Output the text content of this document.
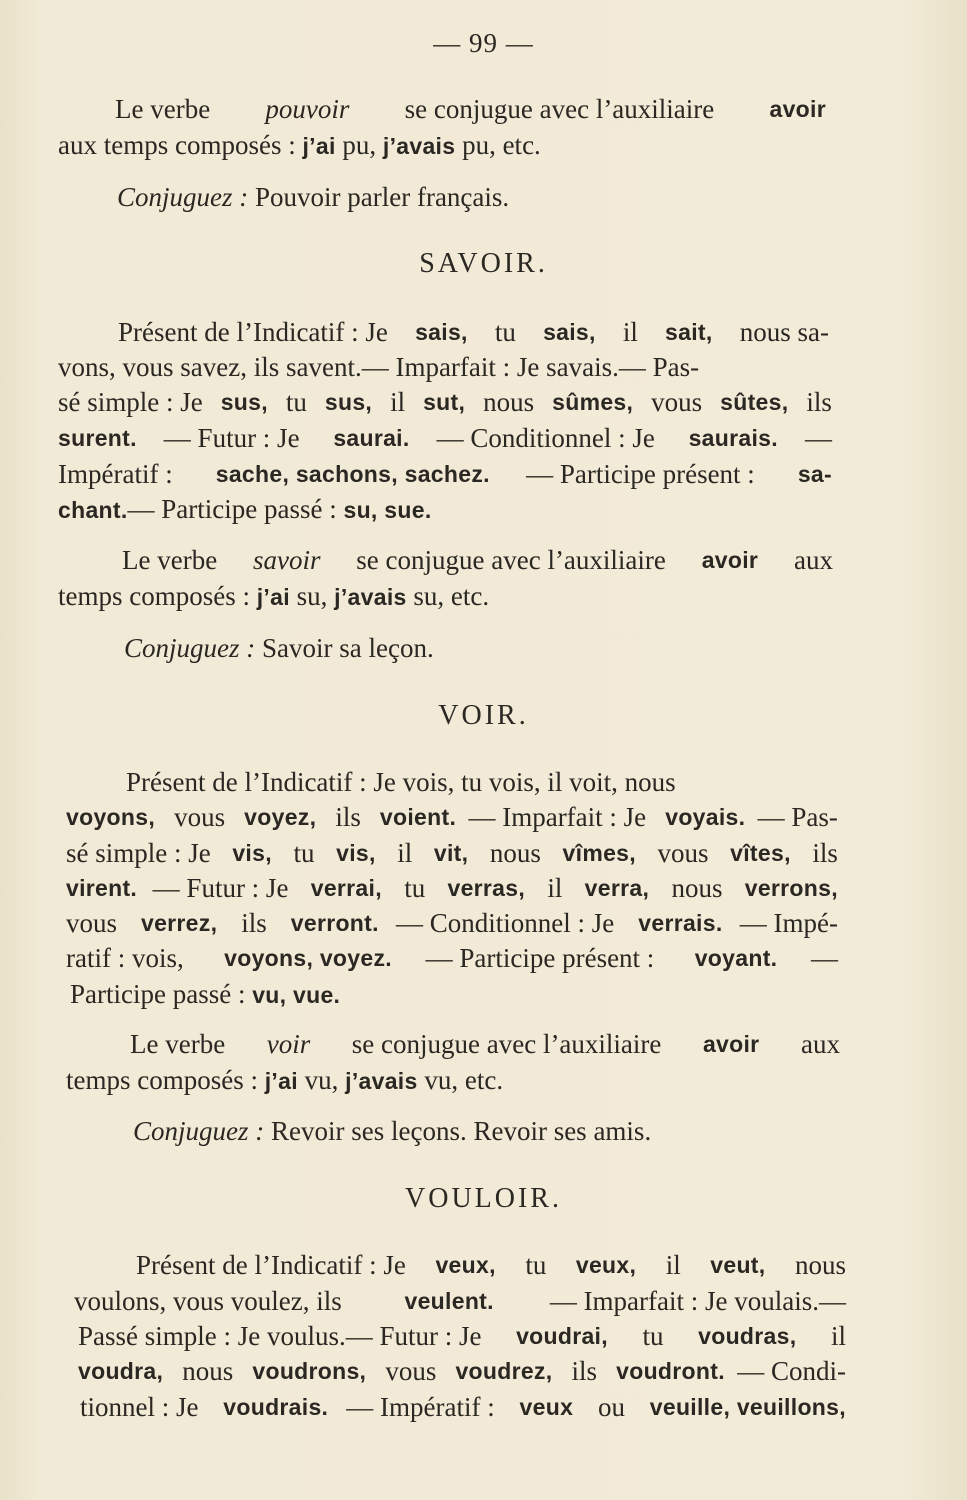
— 99 —
Le verbe pouvoir se conjugue avec l’auxiliaire avoir
aux temps composés : j’ai pu, j’avais pu, etc.
Conjuguez : Pouvoir parler français.
SAVOIR.
Présent de l’Indicatif : Je sais, tu sais, il sait, nous sa-
vons, vous savez, ils savent.— Imparfait : Je savais.— Pas-
sé simple : Je sus, tu sus, il sut, nous sûmes, vous sûtes, ils
surent. — Futur : Je saurai. — Conditionnel : Je saurais. —
Impératif : sache, sachons, sachez. — Participe présent : sa-
chant.— Participe passé : su, sue.
Le verbe savoir se conjugue avec l’auxiliaire avoir aux
temps composés : j’ai su, j’avais su, etc.
Conjuguez : Savoir sa leçon.
VOIR.
Présent de l’Indicatif : Je vois, tu vois, il voit, nous
voyons, vous voyez, ils voient. — Imparfait : Je voyais. — Pas-
sé simple : Je vis, tu vis, il vit, nous vîmes, vous vîtes, ils
virent. — Futur : Je verrai, tu verras, il verra, nous verrons,
vous verrez, ils verront. — Conditionnel : Je verrais. — Impé-
ratif : vois, voyons, voyez. — Participe présent : voyant. —
Participe passé : vu, vue.
Le verbe voir se conjugue avec l’auxiliaire avoir aux
temps composés : j’ai vu, j’avais vu, etc.
Conjuguez : Revoir ses leçons. Revoir ses amis.
VOULOIR.
Présent de l’Indicatif : Je veux, tu veux, il veut, nous
voulons, vous voulez, ils veulent. — Imparfait : Je voulais.—
Passé simple : Je voulus.— Futur : Je voudrai, tu voudras, il
voudra, nous voudrons, vous voudrez, ils voudront. — Condi-
tionnel : Je voudrais. — Impératif : veux ou veuille, veuillons,
